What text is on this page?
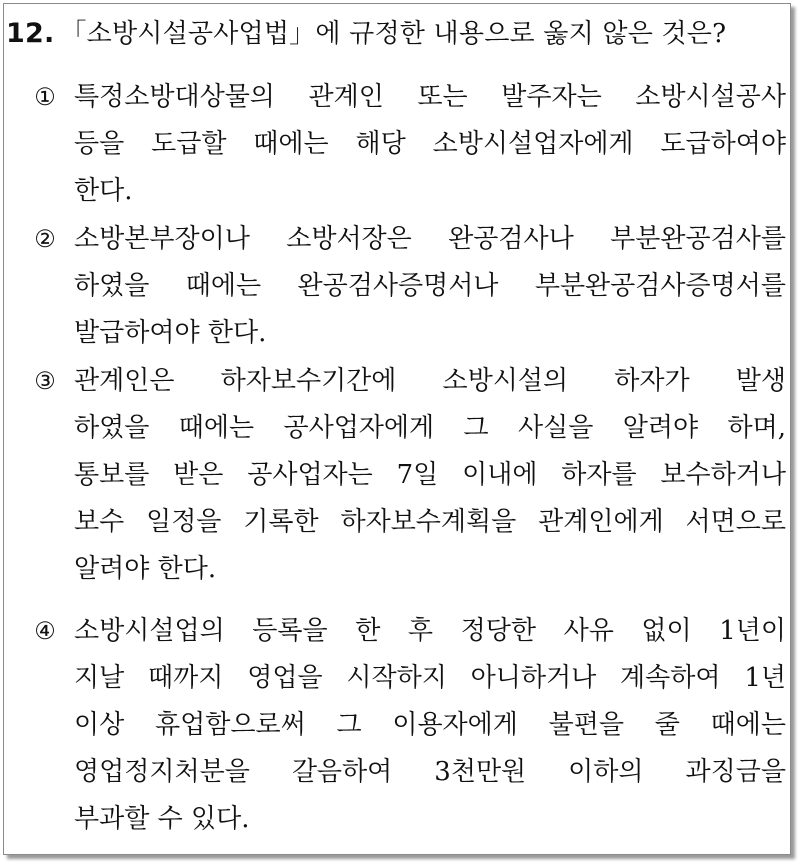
12. 「소방시설공사업법」에 규정한 내용으로 옳지 않은 것은?
① 특정소방대상물의 관계인 또는 발주자는 소방시설공사
등을 도급할 때에는 해당 소방시설업자에게 도급하여야
한다.
② 소방본부장이나 소방서장은 완공검사나 부분완공검사를
하였을 때에는 완공검사증명서나 부분완공검사증명서를
발급하여야 한다.
③ 관계인은 하자보수기간에 소방시설의 하자가 발생
하였을 때에는 공사업자에게 그 사실을 알려야 하며,
통보를 받은 공사업자는 7일 이내에 하자를 보수하거나
보수 일정을 기록한 하자보수계획을 관계인에게 서면으로
알려야 한다.
④ 소방시설업의 등록을 한 후 정당한 사유 없이 1년이
지날 때까지 영업을 시작하지 아니하거나 계속하여 1년
이상 휴업함으로써 그 이용자에게 불편을 줄 때에는
영업정지처분을 갈음하여 3천만원 이하의 과징금을
부과할 수 있다.
